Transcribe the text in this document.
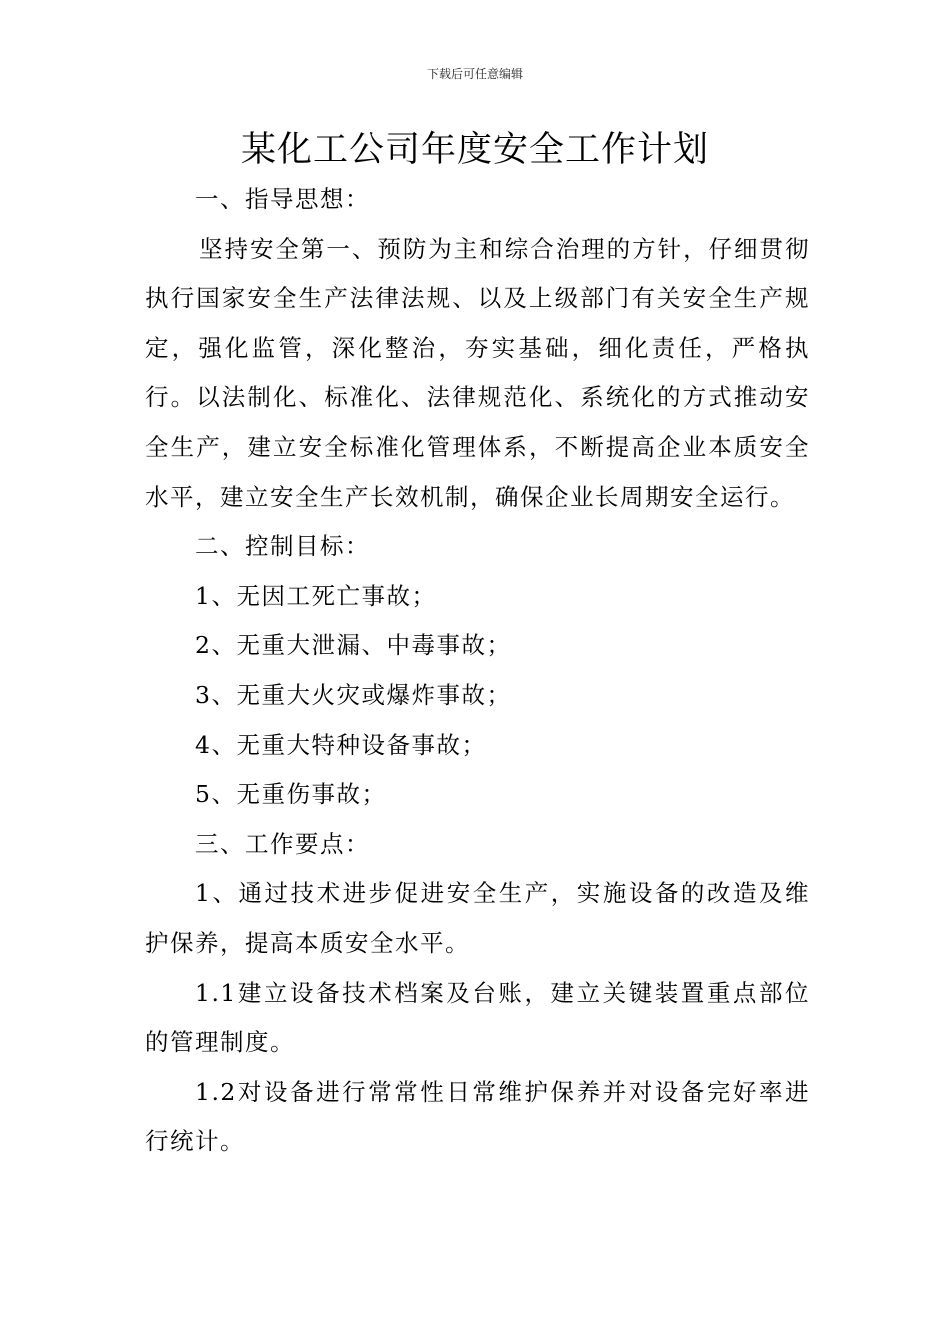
下载后可任意编辑
某化工公司年度安全工作计划

一、指导思想：

坚持安全第一、预防为主和综合治理的方针，仔细贯彻执行国家安全生产法律法规、以及上级部门有关安全生产规定，强化监管，深化整治，夯实基础，细化责任，严格执行。以法制化、标准化、法律规范化、系统化的方式推动安全生产，建立安全标准化管理体系，不断提高企业本质安全水平，建立安全生产长效机制，确保企业长周期安全运行。

二、控制目标：

1、无因工死亡事故；

2、无重大泄漏、中毒事故；

3、无重大火灾或爆炸事故；

4、无重大特种设备事故；

5、无重伤事故；

三、工作要点：

1、通过技术进步促进安全生产，实施设备的改造及维护保养，提高本质安全水平。

1.1建立设备技术档案及台账，建立关键装置重点部位的管理制度。

1.2对设备进行常常性日常维护保养并对设备完好率进行统计。
